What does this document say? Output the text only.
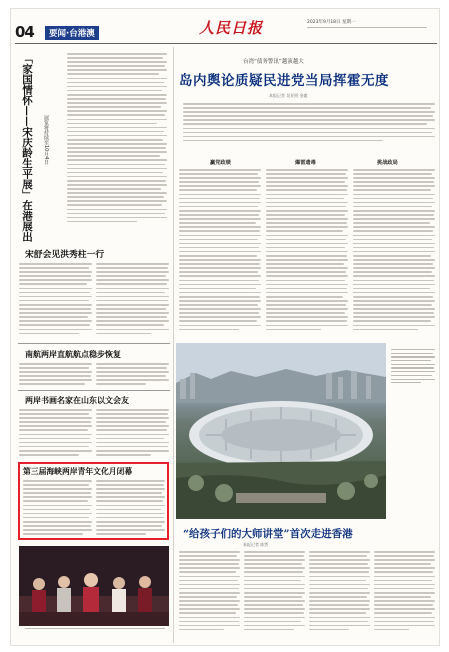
04	要闻·台港澳	人民日报	2023年9月18日 星期一
「家国情怀——宋庆龄生平展」在港展出 展览将持续至10月4日
宋舒会见洪秀柱一行
南航两岸直航航点稳步恢复
两岸书画名家在山东以文会友
第三届海峡两岸青年文化月闭幕
台湾“债务警讯”越演越大
岛内舆论质疑民进党当局挥霍无度
本报记者 吴亚明 金羲
赢党政绩	爆雷遗毒	挑战政局
“给孩子们的大师讲堂”首次走进香港
本报记者 陈然
